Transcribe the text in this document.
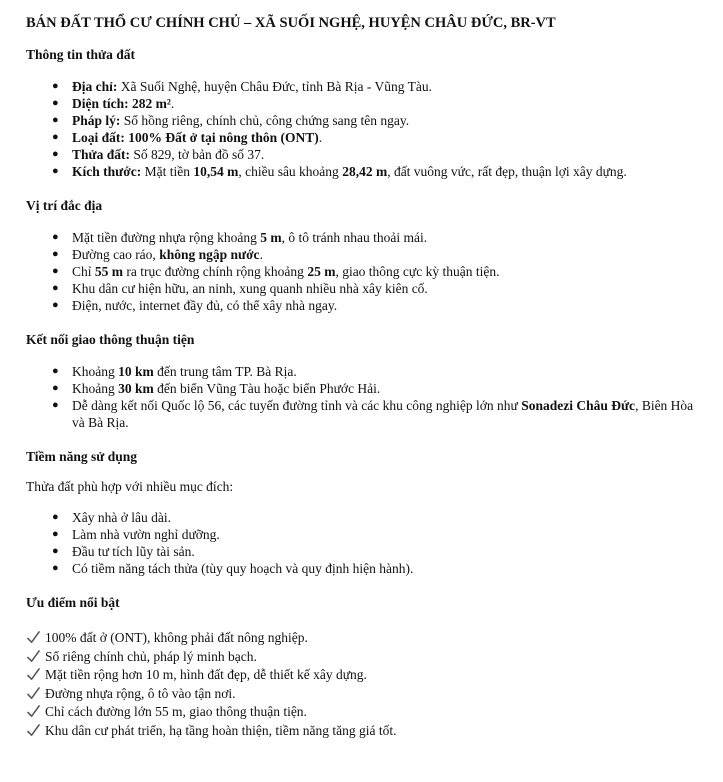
BÁN ĐẤT THỔ CƯ CHÍNH CHỦ – XÃ SUỐI NGHỆ, HUYỆN CHÂU ĐỨC, BR-VT
Thông tin thửa đất
● Địa chỉ: Xã Suối Nghệ, huyện Châu Đức, tỉnh Bà Rịa - Vũng Tàu.
● Diện tích: 282 m².
● Pháp lý: Sổ hồng riêng, chính chủ, công chứng sang tên ngay.
● Loại đất: 100% Đất ở tại nông thôn (ONT).
● Thửa đất: Số 829, tờ bản đồ số 37.
● Kích thước: Mặt tiền 10,54 m, chiều sâu khoảng 28,42 m, đất vuông vức, rất đẹp, thuận lợi xây dựng.
Vị trí đắc địa
● Mặt tiền đường nhựa rộng khoảng 5 m, ô tô tránh nhau thoải mái.
● Đường cao ráo, không ngập nước.
● Chỉ 55 m ra trục đường chính rộng khoảng 25 m, giao thông cực kỳ thuận tiện.
● Khu dân cư hiện hữu, an ninh, xung quanh nhiều nhà xây kiên cố.
● Điện, nước, internet đầy đủ, có thể xây nhà ngay.
Kết nối giao thông thuận tiện
● Khoảng 10 km đến trung tâm TP. Bà Rịa.
● Khoảng 30 km đến biển Vũng Tàu hoặc biển Phước Hải.
● Dễ dàng kết nối Quốc lộ 56, các tuyến đường tỉnh và các khu công nghiệp lớn như Sonadezi Châu Đức, Biên Hòa và Bà Rịa.
Tiềm năng sử dụng

Thửa đất phù hợp với nhiều mục đích:

● Xây nhà ở lâu dài.
● Làm nhà vườn nghỉ dưỡng.
● Đầu tư tích lũy tài sản.
● Có tiềm năng tách thửa (tùy quy hoạch và quy định hiện hành).
Ưu điểm nổi bật
100% đất ở (ONT), không phải đất nông nghiệp.
Sổ riêng chính chủ, pháp lý minh bạch.
Mặt tiền rộng hơn 10 m, hình đất đẹp, dễ thiết kế xây dựng.
Đường nhựa rộng, ô tô vào tận nơi.
Chỉ cách đường lớn 55 m, giao thông thuận tiện.
Khu dân cư phát triển, hạ tầng hoàn thiện, tiềm năng tăng giá tốt.
